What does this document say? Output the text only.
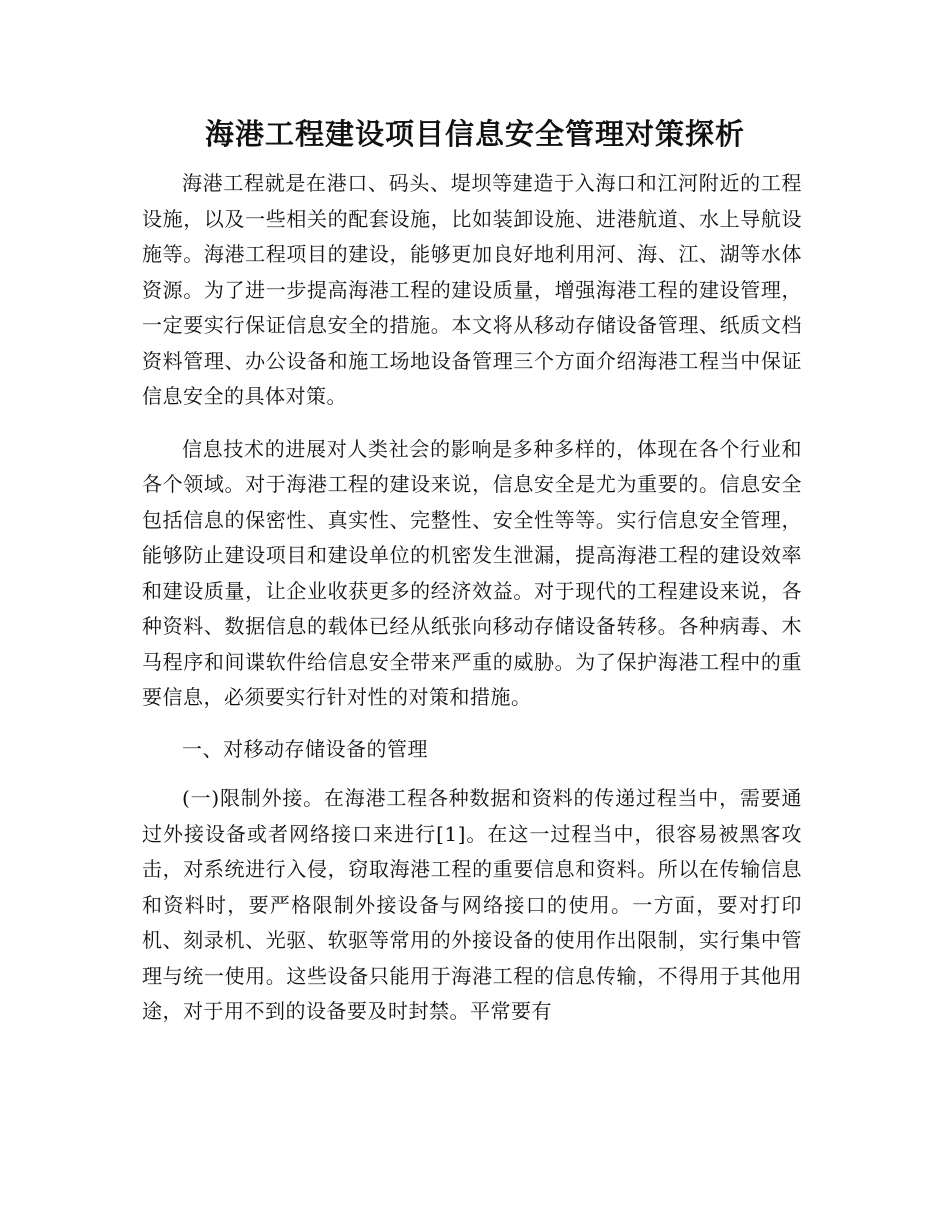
海港工程建设项目信息安全管理对策探析

海港工程就是在港口、码头、堤坝等建造于入海口和江河附近的工程设施，以及一些相关的配套设施，比如装卸设施、进港航道、水上导航设施等。海港工程项目的建设，能够更加良好地利用河、海、江、湖等水体资源。为了进一步提高海港工程的建设质量，增强海港工程的建设管理，一定要实行保证信息安全的措施。本文将从移动存储设备管理、纸质文档资料管理、办公设备和施工场地设备管理三个方面介绍海港工程当中保证信息安全的具体对策。

信息技术的进展对人类社会的影响是多种多样的，体现在各个行业和各个领域。对于海港工程的建设来说，信息安全是尤为重要的。信息安全包括信息的保密性、真实性、完整性、安全性等等。实行信息安全管理，能够防止建设项目和建设单位的机密发生泄漏，提高海港工程的建设效率和建设质量，让企业收获更多的经济效益。对于现代的工程建设来说，各种资料、数据信息的载体已经从纸张向移动存储设备转移。各种病毒、木马程序和间谍软件给信息安全带来严重的威胁。为了保护海港工程中的重要信息，必须要实行针对性的对策和措施。

一、对移动存储设备的管理

(一)限制外接。在海港工程各种数据和资料的传递过程当中，需要通过外接设备或者网络接口来进行[1]。在这一过程当中，很容易被黑客攻击，对系统进行入侵，窃取海港工程的重要信息和资料。所以在传输信息和资料时，要严格限制外接设备与网络接口的使用。一方面，要对打印机、刻录机、光驱、软驱等常用的外接设备的使用作出限制，实行集中管理与统一使用。这些设备只能用于海港工程的信息传输，不得用于其他用途，对于用不到的设备要及时封禁。平常要有
